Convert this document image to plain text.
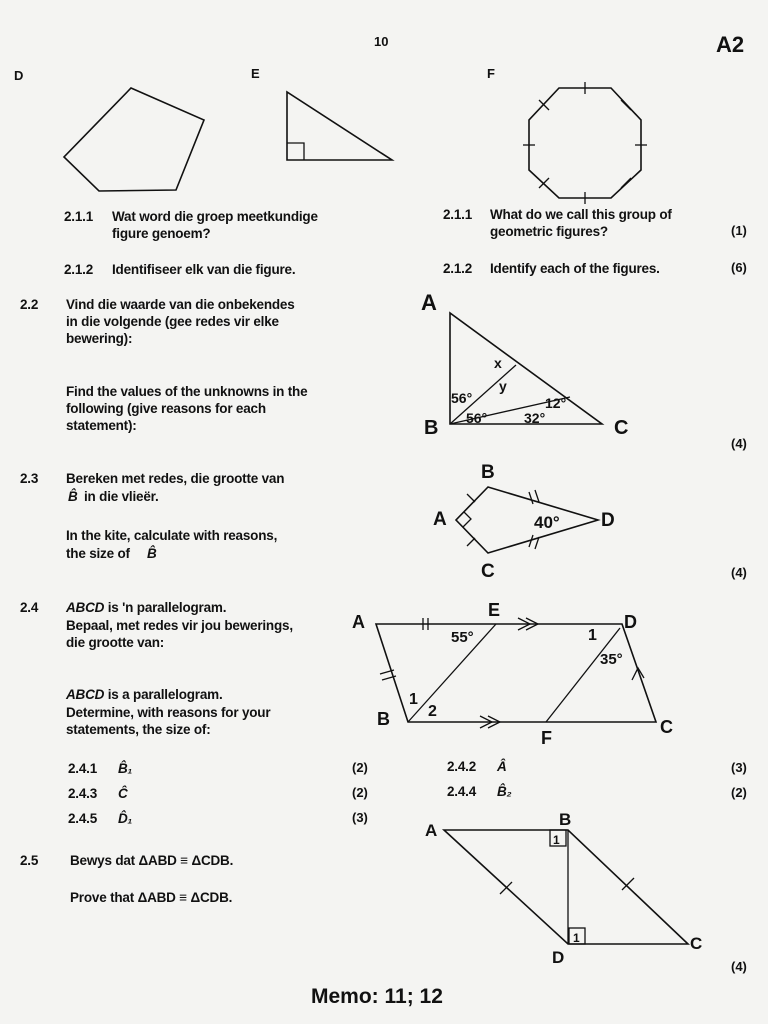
10	A2
D	E	F
2.1.1 Wat word die groep meetkundige
figure genoem?
2.1.1 What do we call this group of
geometric figures?	(1)
2.1.2 Identifiseer elk van die figure.	2.1.2 Identify each of the figures.	(6)
2.2 Vind die waarde van die onbekendes
in die volgende (gee redes vir elke
bewering):
Find the values of the unknowns in the
following (give reasons for each
statement):
(4)
A
B	C
x
y
56°
56°	32°
12°
2.3 Bereken met redes, die grootte van
B̂ in die vlieër.
In the kite, calculate with reasons,
the size of B̂
(4)
B
A
C
D
40°
2.4 ABCD is 'n parallelogram.
Bepaal, met redes vir jou bewerings,
die grootte van:
ABCD is a parallelogram.
Determine, with reasons for your
statements, the size of:
A
B	C
D
E
F
55°
35°
1
1
2
2.4.1 B̂₁	(2)	2.4.2 Â	(3)
2.4.3 Ĉ	(2)	2.4.4 B̂₂	(2)
2.4.5 D̂₁	(3)
2.5 Bewys dat ΔABD ≡ ΔCDB.
Prove that ΔABD ≡ ΔCDB.
(4)
A
B
C
D
1
1
Memo: 11; 12
